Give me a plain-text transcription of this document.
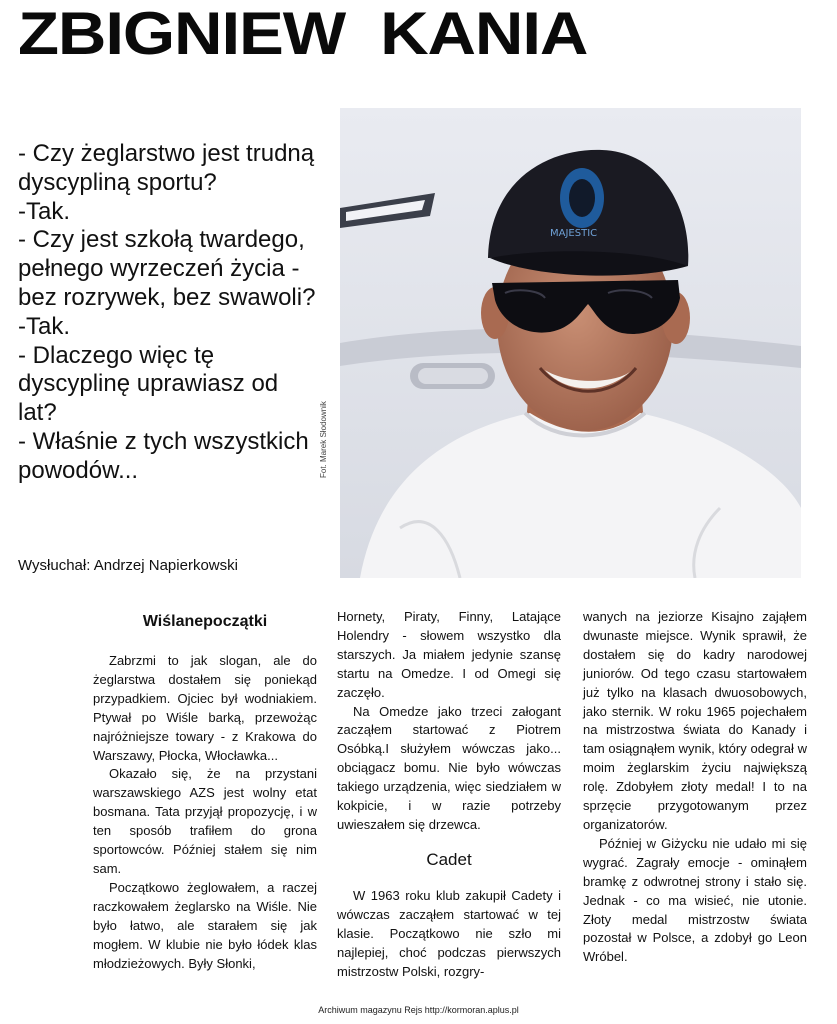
ZBIGNIEW  KANIA

- Czy żeglarstwo jest trudną dyscypliną sportu?

-Tak.

- Czy jest szkołą twardego, pełnego wyrzeczeń życia - bez rozrywek, bez swawoli?

-Tak.

- Dlaczego więc tę dyscyplinę uprawiasz od lat?

- Właśnie z tych wszystkich powodów...

Wysłuchał: Andrzej Napierkowski
MAJESTIC
Fot. Marek Słodownik

Wiślanepoczątki

Zabrzmi to jak slogan, ale do żeglarstwa dostałem się poniekąd przypadkiem. Ojciec był wodniakiem. Ptywał po Wiśle barką, przewożąc najróżniejsze towary - z Krakowa do Warszawy, Płocka, Włocławka...

Okazało się, że na przystani warszawskiego AZS jest wolny etat bosmana. Tata przyjął propozycję, i w ten sposób trafiłem do grona sportowców. Później stałem się nim sam.

Początkowo żeglowałem, a raczej raczkowałem żeglarsko na Wiśle. Nie było łatwo, ale starałem się jak mogłem. W klubie nie było łódek klas młodzieżowych. Były Słonki,

Hornety, Piraty, Finny, Latające Holendry - słowem wszystko dla starszych. Ja miałem jedynie szansę startu na Omedze. I od Omegi się zaczęło.

Na Omedze jako trzeci załogant zacząłem startować z Piotrem Osóbką.I służyłem wówczas jako... obciągacz bomu. Nie było wówczas takiego urządzenia, więc siedziałem w kokpicie, i w razie potrzeby uwieszałem się drzewca.

Cadet

W 1963 roku klub zakupił Cadety i wówczas zacząłem startować w tej klasie. Początkowo nie szło mi najlepiej, choć podczas pierwszych mistrzostw Polski, rozgry-

wanych na jeziorze Kisajno zająłem dwunaste miejsce. Wynik sprawił, że dostałem się do kadry narodowej juniorów. Od tego czasu startowałem już tylko na klasach dwuosobowych, jako sternik. W roku 1965 pojechałem na mistrzostwa świata do Kanady i tam osiągnąłem wynik, który odegrał w moim żeglarskim życiu największą rolę. Zdobyłem złoty medal! I to na sprzęcie przygotowanym przez organizatorów.

Później w Giżycku nie udało mi się wygrać. Zagrały emocje - ominąłem bramkę z odwrotnej strony i stało się. Jednak - co ma wisieć, nie utonie. Złoty medal mistrzostw świata pozostał w Polsce, a zdobył go Leon Wróbel.

Archiwum magazynu Rejs http://kormoran.aplus.pl
